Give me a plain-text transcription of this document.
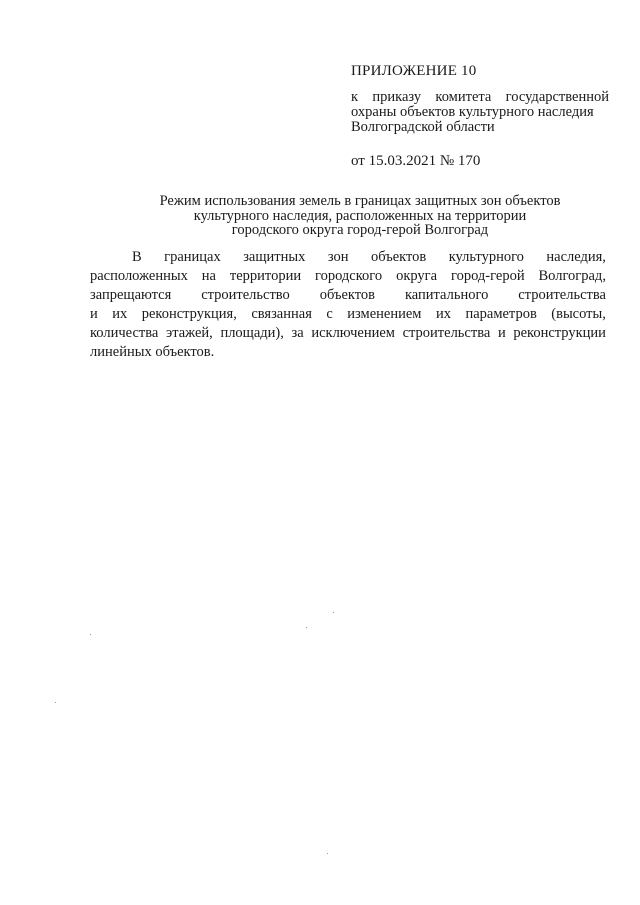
ПРИЛОЖЕНИЕ 10

к приказу комитета государственной
охраны объектов культурного наследия
Волгоградской области
от 15.03.2021 № 170
Режим использования земель в границах защитных зон объектов
культурного наследия, расположенных на территории
городского округа город-герой Волгоград
В границах защитных зон объектов культурного наследия,
расположенных на территории городского округа город-герой Волгоград,
запрещаются строительство объектов капитального строительства
и их реконструкция, связанная с изменением их параметров (высоты,
количества этажей, площади), за исключением строительства и реконструкции
линейных объектов.
